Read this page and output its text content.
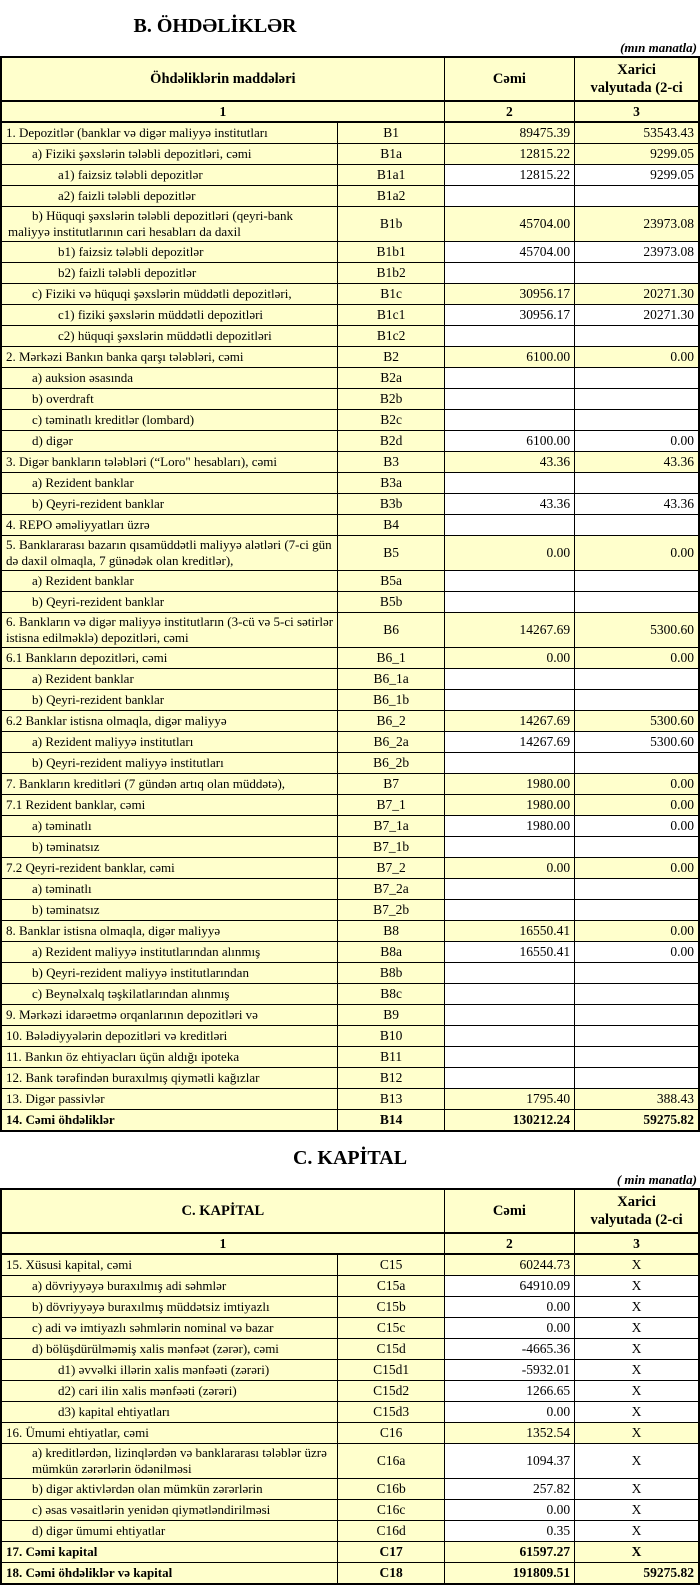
B. ÖHDƏLİKLƏR
(mın manatla)
Öhdəliklərin maddələri		Cəmi	Xarici
valyutada (2-ci
1		2	3
1. Depozitlər (banklar və digər maliyyə institutları	B1	89475.39	53543.43
a) Fiziki şəxslərin tələbli depozitləri, cəmi	B1a	12815.22	9299.05
a1) faizsiz tələbli depozitlər	B1a1	12815.22	9299.05
a2) faizli tələbli depozitlər	B1a2		
b) Hüquqi şəxslərin tələbli depozitləri (qeyri-bank maliyyə institutlarının cari hesabları da daxil	B1b	45704.00	23973.08
b1) faizsiz tələbli depozitlər	B1b1	45704.00	23973.08
b2) faizli tələbli depozitlər	B1b2		
c) Fiziki və hüquqi şəxslərin müddətli depozitləri,	B1c	30956.17	20271.30
c1) fiziki şəxslərin müddətli depozitləri	B1c1	30956.17	20271.30
c2) hüquqi şəxslərin müddətli depozitləri	B1c2		
2. Mərkəzi Bankın banka qarşı tələbləri, cəmi	B2	6100.00	0.00
a) auksion əsasında	B2a		
b) overdraft	B2b		
c) təminatlı kreditlər (lombard)	B2c		
d) digər	B2d	6100.00	0.00
3. Digər bankların tələbləri (“Loro" hesabları), cəmi	B3	43.36	43.36
a) Rezident banklar	B3a		
b) Qeyri-rezident banklar	B3b	43.36	43.36
4. REPO əməliyyatları üzrə	B4		
5. Banklararası bazarın qısamüddətli maliyyə alətləri (7-ci gün də daxil olmaqla, 7 günədək olan kreditlər),	B5	0.00	0.00
a) Rezident banklar	B5a		
b) Qeyri-rezident banklar	B5b		
6. Bankların və digər maliyyə institutların (3-cü və 5-ci sətirlər istisna edilməklə) depozitləri, cəmi	B6	14267.69	5300.60
6.1 Bankların depozitləri, cəmi	B6_1	0.00	0.00
a) Rezident banklar	B6_1a		
b) Qeyri-rezident banklar	B6_1b		
6.2 Banklar istisna olmaqla, digər maliyyə	B6_2	14267.69	5300.60
a) Rezident maliyyə institutları	B6_2a	14267.69	5300.60
b) Qeyri-rezident maliyyə institutları	B6_2b		
7. Bankların kreditləri (7 gündən artıq olan müddətə),	B7	1980.00	0.00
7.1 Rezident banklar, cəmi	B7_1	1980.00	0.00
a) təminatlı	B7_1a	1980.00	0.00
b) təminatsız	B7_1b		
7.2 Qeyri-rezident banklar, cəmi	B7_2	0.00	0.00
a) təminatlı	B7_2a		
b) təminatsız	B7_2b		
8. Banklar istisna olmaqla, digər maliyyə	B8	16550.41	0.00
a) Rezident maliyyə institutlarından alınmış	B8a	16550.41	0.00
b) Qeyri-rezident maliyyə institutlarından	B8b		
c) Beynəlxalq təşkilatlarından alınmış	B8c		
9. Mərkəzi idarəetmə orqanlarının depozitləri və	B9		
10. Bələdiyyələrin depozitləri və kreditləri	B10		
11. Bankın öz ehtiyacları üçün aldığı ipoteka	B11		
12. Bank tərəfindən buraxılmış qiymətli kağızlar	B12		
13. Digər passivlər	B13	1795.40	388.43
14. Cəmi öhdəliklər	B14	130212.24	59275.82
C. KAPİTAL
( min manatla)
C. KAPİTAL		Cəmi	Xarici
valyutada (2-ci
1		2	3
15. Xüsusi kapital, cəmi	C15	60244.73	X
a) dövriyyəyə buraxılmış adi səhmlər	C15a	64910.09	X
b) dövriyyəyə buraxılmış müddətsiz imtiyazlı	C15b	0.00	X
c) adi və imtiyazlı səhmlərin nominal və bazar	C15c	0.00	X
d) bölüşdürülməmiş xalis mənfəət (zərər), cəmi	C15d	-4665.36	X
d1) əvvəlki illərin xalis mənfəəti (zərəri)	C15d1	-5932.01	X
d2) cari ilin xalis mənfəəti (zərəri)	C15d2	1266.65	X
d3) kapital ehtiyatları	C15d3	0.00	X
16. Ümumi ehtiyatlar, cəmi	C16	1352.54	X
a) kreditlərdən, lizinqlərdən və banklararası tələblər üzrə mümkün zərərlərin ödənilməsi	C16a	1094.37	X
b) digər aktivlərdən olan mümkün zərərlərin	C16b	257.82	X
c) əsas vəsaitlərin yenidən qiymətləndirilməsi	C16c	0.00	X
d) digər ümumi ehtiyatlar	C16d	0.35	X
17. Cəmi kapital	C17	61597.27	X
18. Cəmi öhdəliklər və kapital	C18	191809.51	59275.82
